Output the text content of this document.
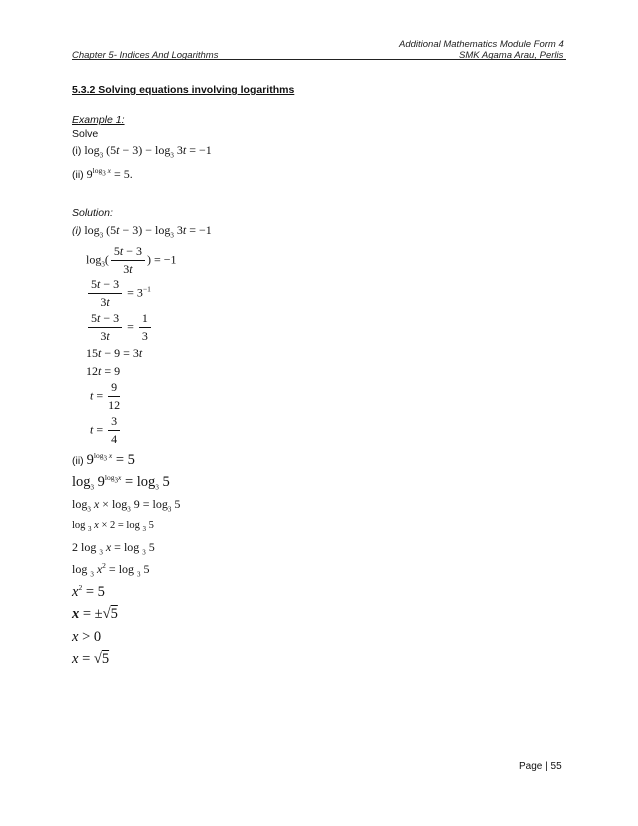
Additional Mathematics Module Form 4
Chapter 5- Indices And Logarithms	SMK Agama Arau, Perlis
5.3.2 Solving equations involving logarithms
Example 1:
Solve
(i) $\log_3 (5t - 3) - \log_3 3t = -1$
(ii) $9^{log_3 x} = 5$.
Solution:
(i) $\log_3 (5t - 3) - \log_3 3t = -1$
$\log_3( \frac{5t - 3}{3t}$ ) = −1
$\frac{5t - 3}{3t} = 3^{-1}$
$\frac{5t - 3}{3t} = \frac{1}{3}$
15t − 9 = 3t
12t = 9
$t = \frac{9}{12}$
$t = \frac{3}{4}$
(ii) $9^{log_3 x} = 5$
$\log_3 9^{log_3x} = \log_3 5$
$\log_3 x \times \log_3 9 = \log_3 5$
log $_3$ x × 2 = log $_3$ 5
2 log $_3$ x = log $_3$ 5
log $_3$ $x^2 = \log _3$ 5
$x^2 = 5$
x = ±√5
x > 0
x = √5
Page | 55
